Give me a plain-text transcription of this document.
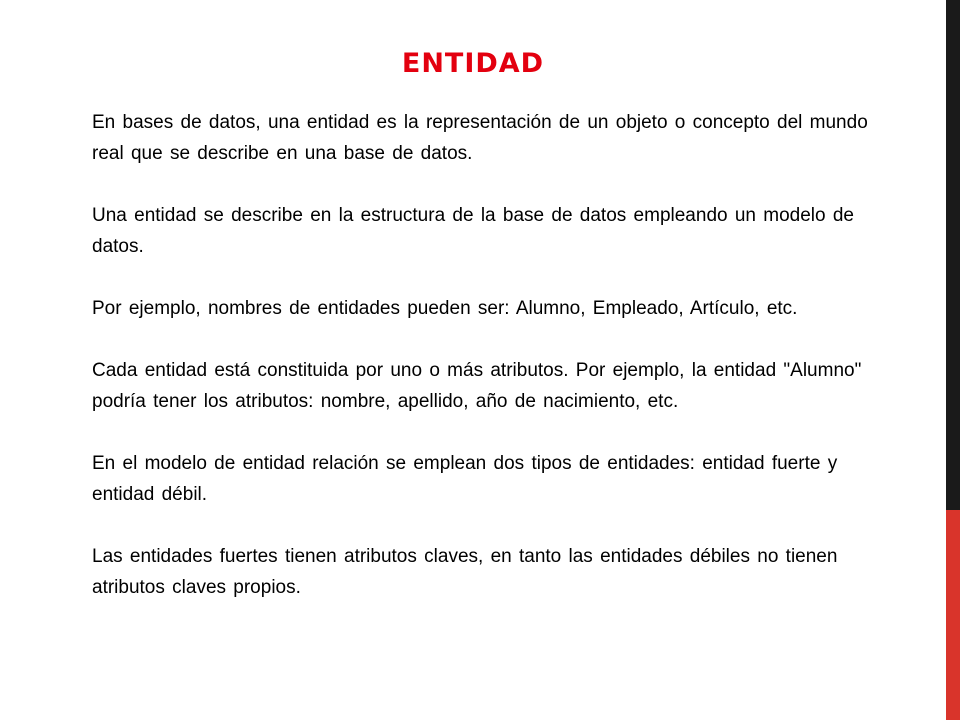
ENTIDAD

En bases de datos, una entidad es la representación de un objeto o concepto del mundo real que se describe en una base de datos.

Una entidad se describe en la estructura de la base de datos empleando un modelo de datos.

Por ejemplo, nombres de entidades pueden ser: Alumno, Empleado, Artículo, etc.

Cada entidad está constituida por uno o más atributos. Por ejemplo, la entidad "Alumno" podría tener los atributos: nombre, apellido, año de nacimiento, etc.

En el modelo de entidad relación se emplean dos tipos de entidades: entidad fuerte y entidad débil.

Las entidades fuertes tienen atributos claves, en tanto las entidades débiles no tienen atributos claves propios.
